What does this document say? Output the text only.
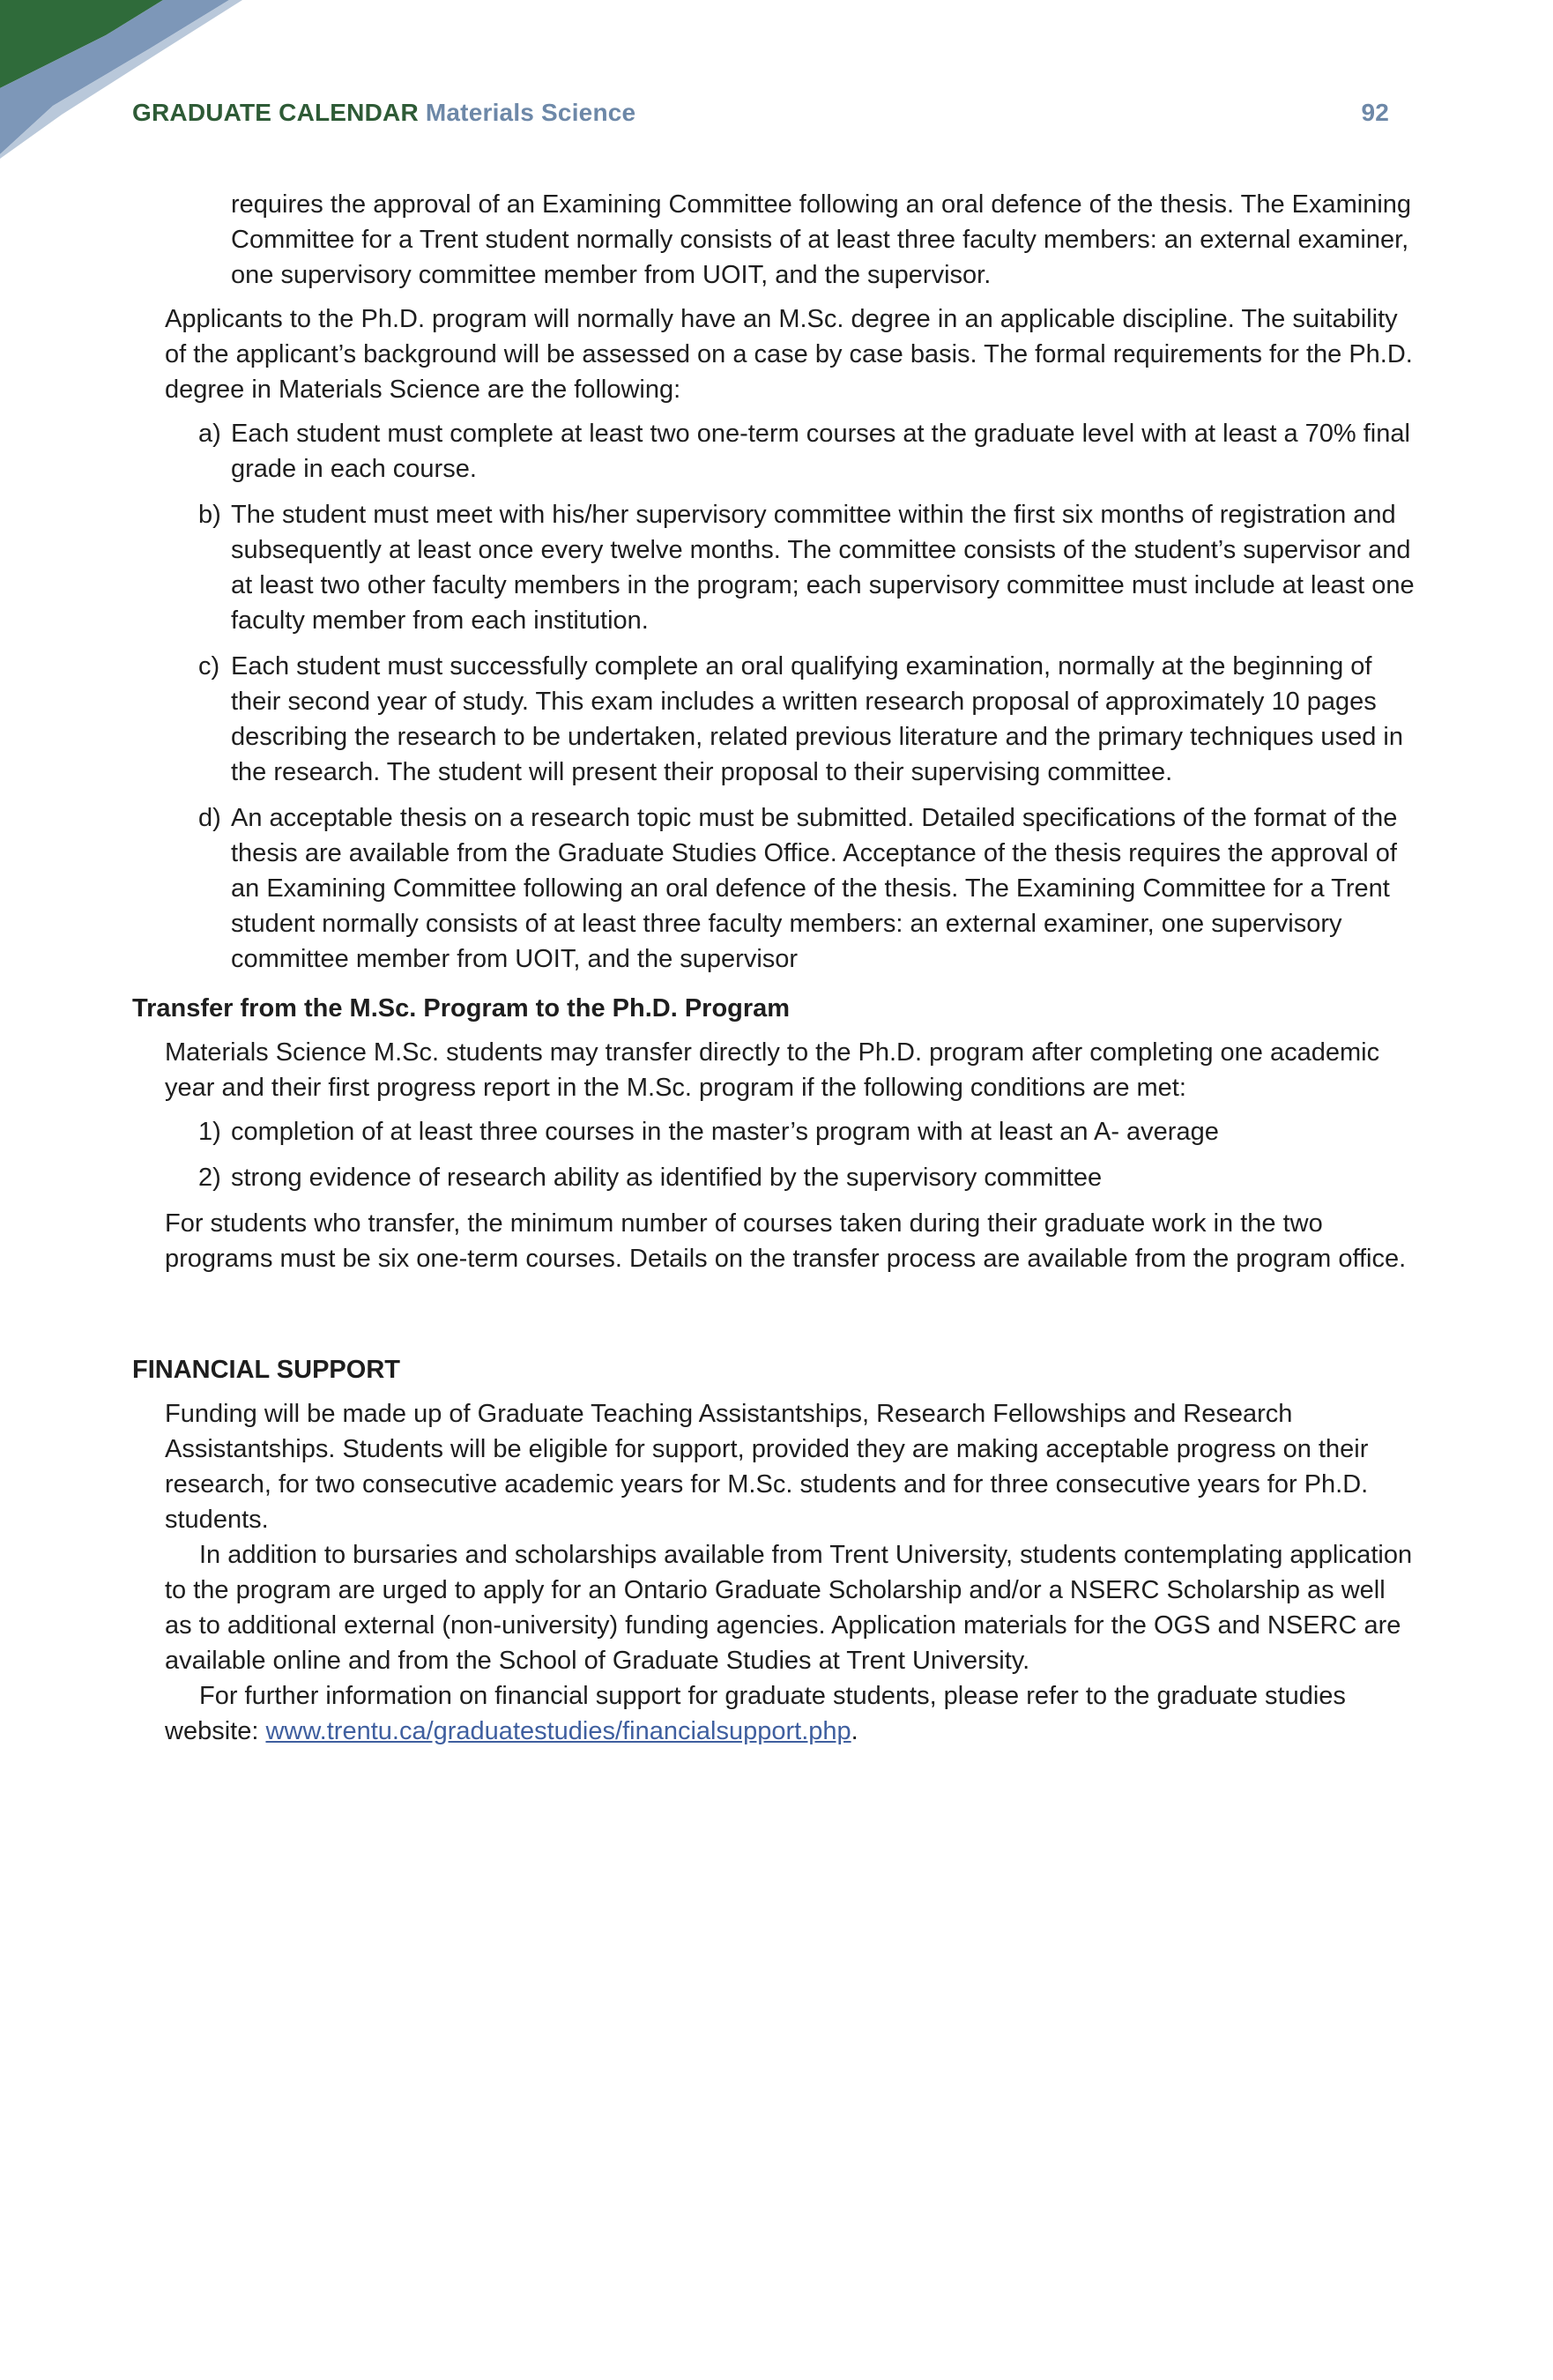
GRADUATE CALENDAR Materials Science	92

requires the approval of an Examining Committee following an oral defence of the thesis. The Examining Committee for a Trent student normally consists of at least three faculty members: an external examiner, one supervisory committee member from UOIT, and the supervisor.

Applicants to the Ph.D. program will normally have an M.Sc. degree in an applicable discipline. The suitability of the applicant’s background will be assessed on a case by case basis. The formal requirements for the Ph.D. degree in Materials Science are the following:

a) Each student must complete at least two one-term courses at the graduate level with at least a 70% final grade in each course.
b) The student must meet with his/her supervisory committee within the first six months of registration and subsequently at least once every twelve months. The committee consists of the student’s supervisor and at least two other faculty members in the program; each supervisory committee must include at least one faculty member from each institution.
c) Each student must successfully complete an oral qualifying examination, normally at the beginning of their second year of study. This exam includes a written research proposal of approximately 10 pages describing the research to be undertaken, related previous literature and the primary techniques used in the research. The student will present their proposal to their supervising committee.
d) An acceptable thesis on a research topic must be submitted. Detailed specifications of the format of the thesis are available from the Graduate Studies Office. Acceptance of the thesis requires the approval of an Examining Committee following an oral defence of the thesis. The Examining Committee for a Trent student normally consists of at least three faculty members: an external examiner, one supervisory committee member from UOIT, and the supervisor

Transfer from the M.Sc. Program to the Ph.D. Program

Materials Science M.Sc. students may transfer directly to the Ph.D. program after completing one academic year and their first progress report in the M.Sc. program if the following conditions are met:

1) completion of at least three courses in the master’s program with at least an A- average
2) strong evidence of research ability as identified by the supervisory committee

For students who transfer, the minimum number of courses taken during their graduate work in the two programs must be six one-term courses. Details on the transfer process are available from the program office.

FINANCIAL SUPPORT

Funding will be made up of Graduate Teaching Assistantships, Research Fellowships and Research Assistantships. Students will be eligible for support, provided they are making acceptable progress on their research, for two consecutive academic years for M.Sc. students and for three consecutive years for Ph.D. students.

In addition to bursaries and scholarships available from Trent University, students contemplating application to the program are urged to apply for an Ontario Graduate Scholarship and/or a NSERC Scholarship as well as to additional external (non-university) funding agencies. Application materials for the OGS and NSERC are available online and from the School of Graduate Studies at Trent University.

For further information on financial support for graduate students, please refer to the graduate studies website: www.trentu.ca/graduatestudies/financialsupport.php.
